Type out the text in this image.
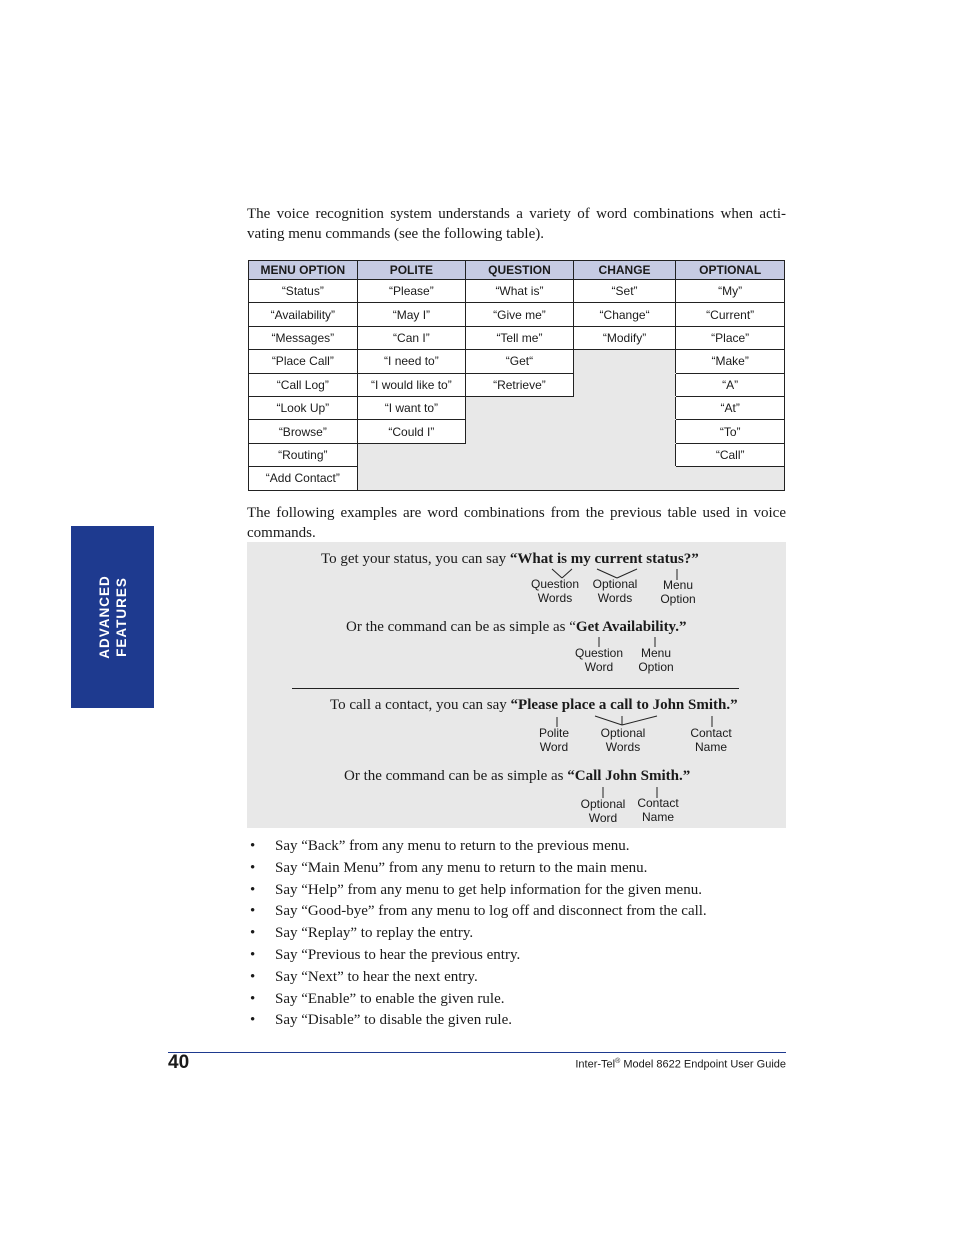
ADVANCED FEATURES
The voice recognition system understands a variety of word combinations when acti-vating menu commands (see the following table).
MENU OPTION	POLITE	QUESTION	CHANGE	OPTIONAL
“Status”	“Please”	“What is”	“Set”	“My”
“Availability”	“May I”	“Give me”	“Change“	“Current”
“Messages”	“Can I”	“Tell me”	“Modify”	“Place”
“Place Call”	“I need to”	“Get“		“Make”
“Call Log”	“I would like to”	“Retrieve”		“A”
“Look Up”	“I want to”			“At”
“Browse”	“Could I”			“To”
“Routing”				“Call”
“Add Contact”				
The following examples are word combinations from the previous table used in voice commands.
To get your status, you can say “What is my current status?”
Question
Words
Optional
Words
Menu
Option
Or the command can be as simple as “Get Availability.”
Question
Word
Menu
Option
To call a contact, you can say “Please place a call to John Smith.”
Polite
Word
Optional
Words
Contact
Name
Or the command can be as simple as “Call John Smith.”
Optional
Word
Contact
Name
• Say “Back” from any menu to return to the previous menu.
• Say “Main Menu” from any menu to return to the main menu.
• Say “Help” from any menu to get help information for the given menu.
• Say “Good-bye” from any menu to log off and disconnect from the call.
• Say “Replay” to replay the entry.
• Say “Previous to hear the previous entry.
• Say “Next” to hear the next entry.
• Say “Enable” to enable the given rule.
• Say “Disable” to disable the given rule.
40	Inter-Tel® Model 8622 Endpoint User Guide
